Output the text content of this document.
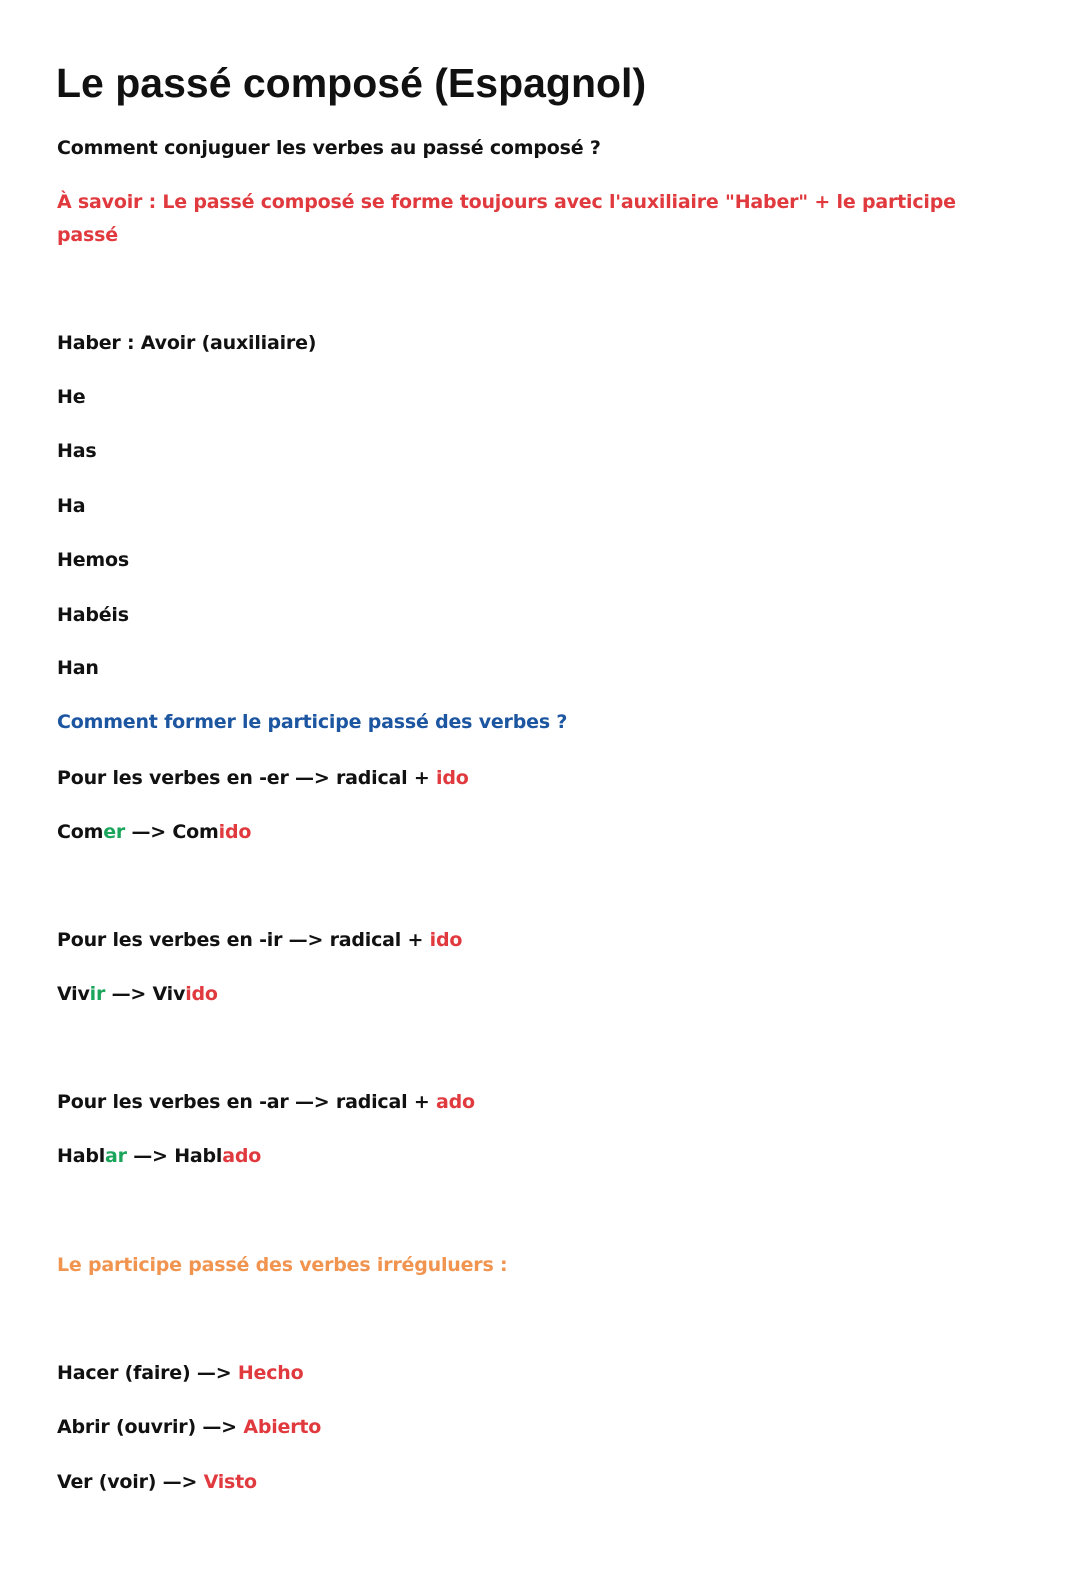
Le passé composé (Espagnol)
Comment conjuguer les verbes au passé composé ?
À savoir : Le passé composé se forme toujours avec l'auxiliaire "Haber" + le participe passé
Haber : Avoir (auxiliaire)
He
Has
Ha
Hemos
Habéis
Han
Comment former le participe passé des verbes ?
Pour les verbes en -er —> radical + ido
Comer —> Comido
Pour les verbes en -ir —> radical + ido
Vivir —> Vivido
Pour les verbes en -ar —> radical + ado
Hablar —> Hablado
Le participe passé des verbes irréguluers :
Hacer (faire) —> Hecho
Abrir (ouvrir) —> Abierto
Ver (voir) —> Visto
